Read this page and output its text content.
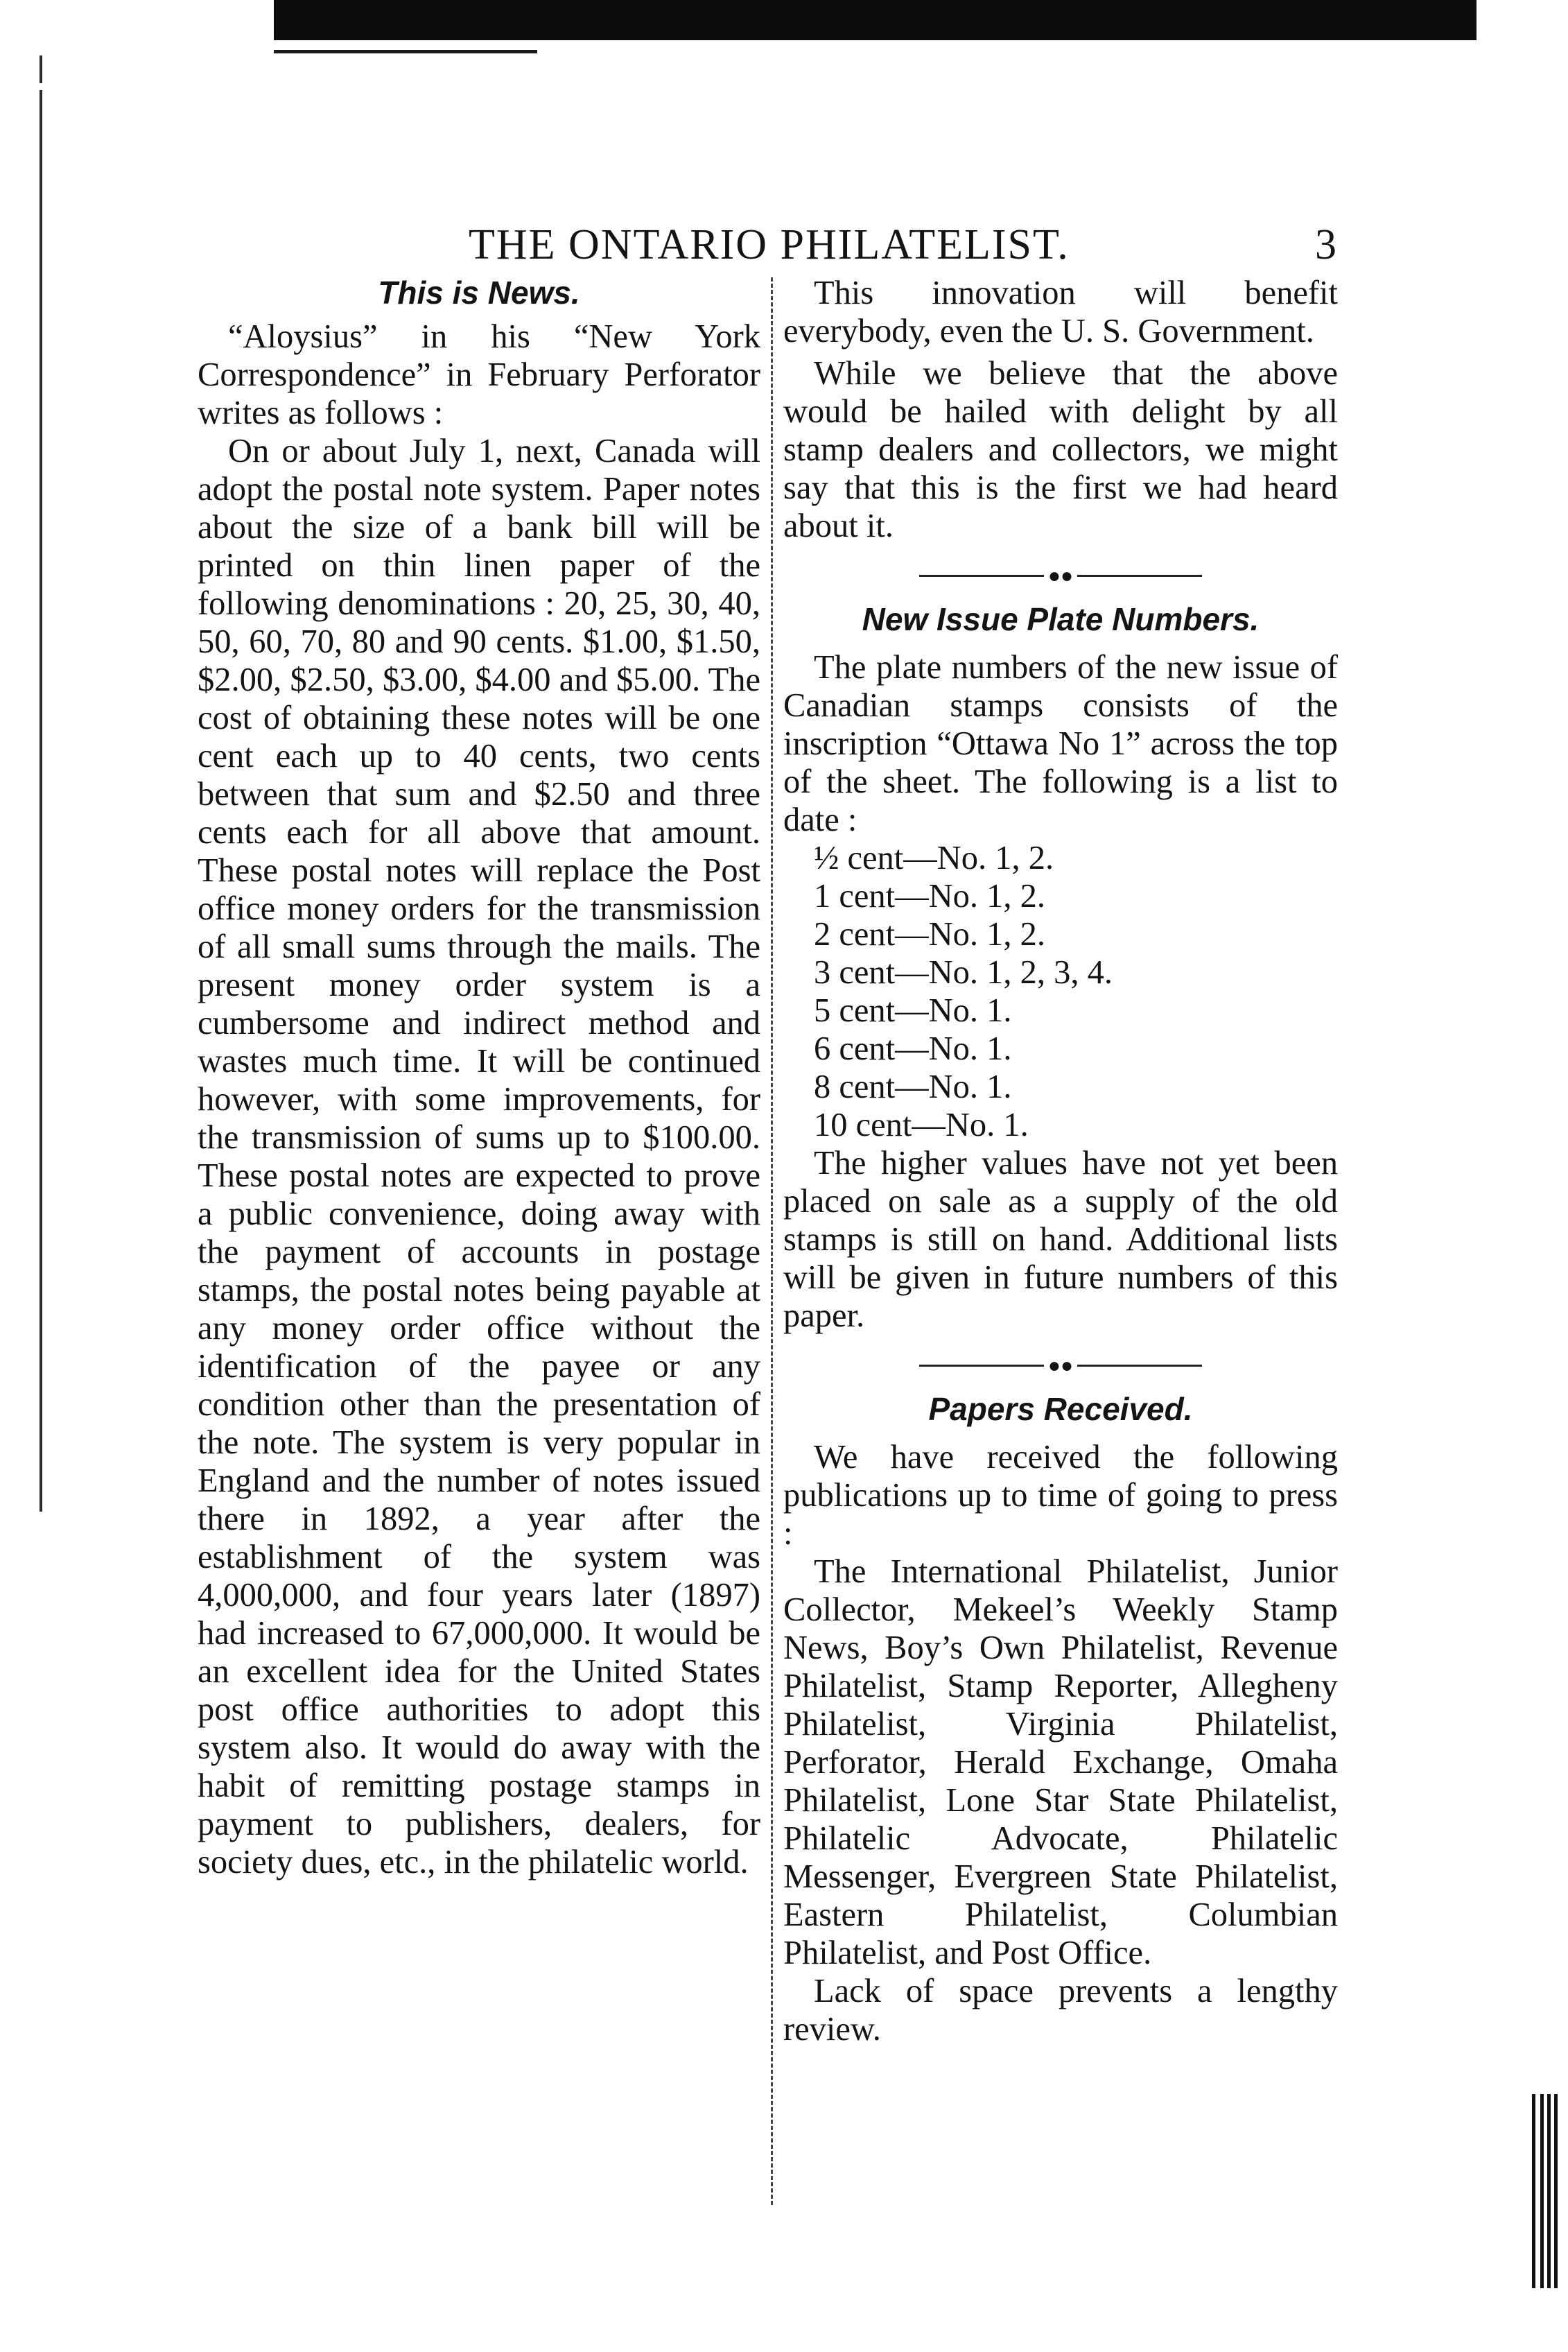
THE ONTARIO PHILATELIST.	3

This is News.

“Aloysius” in his “New York Correspondence” in February Perforator writes as follows :

On or about July 1, next, Canada will adopt the postal note system. Paper notes about the size of a bank bill will be printed on thin linen paper of the following denominations : 20, 25, 30, 40, 50, 60, 70, 80 and 90 cents. $1.00, $1.50, $2.00, $2.50, $3.00, $4.00 and $5.00. The cost of obtaining these notes will be one cent each up to 40 cents, two cents between that sum and $2.50 and three cents each for all above that amount. These postal notes will replace the Post office money orders for the transmission of all small sums through the mails. The present money order system is a cumbersome and indirect method and wastes much time. It will be continued however, with some improvements, for the transmission of sums up to $100.00. These postal notes are expected to prove a public convenience, doing away with the payment of accounts in postage stamps, the postal notes being payable at any money order office without the identification of the payee or any condition other than the presentation of the note. The system is very popular in England and the number of notes issued there in 1892, a year after the establishment of the system was 4,000,000, and four years later (1897) had increased to 67,000,000. It would be an excellent idea for the United States post office authorities to adopt this system also. It would do away with the habit of remitting postage stamps in payment to publishers, dealers, for society dues, etc., in the philatelic world.

This innovation will benefit everybody, even the U. S. Government.

While we believe that the above would be hailed with delight by all stamp dealers and collectors, we might say that this is the first we had heard about it.

●●

New Issue Plate Numbers.

The plate numbers of the new issue of Canadian stamps consists of the inscription “Ottawa No 1” across the top of the sheet. The following is a list to date :

½ cent—No. 1, 2.
1 cent—No. 1, 2.
2 cent—No. 1, 2.
3 cent—No. 1, 2, 3, 4.
5 cent—No. 1.
6 cent—No. 1.
8 cent—No. 1.
10 cent—No. 1.

The higher values have not yet been placed on sale as a supply of the old stamps is still on hand. Additional lists will be given in future numbers of this paper.

●●

Papers Received.

We have received the following publications up to time of going to press :

The International Philatelist, Junior Collector, Mekeel’s Weekly Stamp News, Boy’s Own Philatelist, Revenue Philatelist, Stamp Reporter, Allegheny Philatelist, Virginia Philatelist, Perforator, Herald Exchange, Omaha Philatelist, Lone Star State Philatelist, Philatelic Advocate, Philatelic Messenger, Evergreen State Philatelist, Eastern Philatelist, Columbian Philatelist, and Post Office.

Lack of space prevents a lengthy review.
